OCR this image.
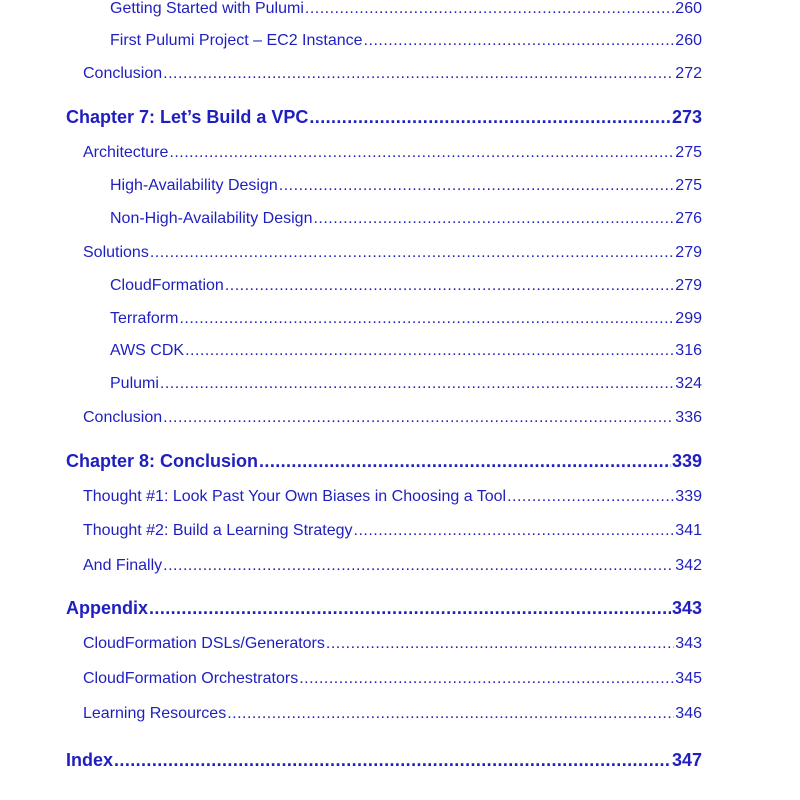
Getting Started with Pulumi .....	260
First Pulumi Project – EC2 Instance .....	260
Conclusion .....	272
Chapter 7: Let’s Build a VPC .....	273
Architecture .....	275
High-Availability Design .....	275
Non-High-Availability Design .....	276
Solutions .....	279
CloudFormation .....	279
Terraform .....	299
AWS CDK .....	316
Pulumi .....	324
Conclusion .....	336
Chapter 8: Conclusion .....	339
Thought #1: Look Past Your Own Biases in Choosing a Tool .....	339
Thought #2: Build a Learning Strategy .....	341
And Finally .....	342
Appendix .....	343
CloudFormation DSLs/Generators .....	343
CloudFormation Orchestrators .....	345
Learning Resources .....	346
Index .....	347
